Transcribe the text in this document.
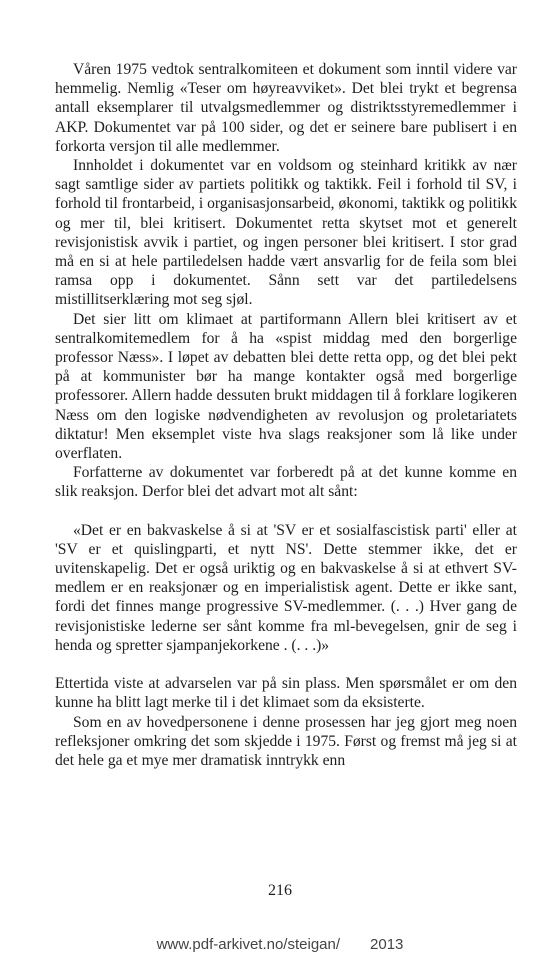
Våren 1975 vedtok sentralkomiteen et dokument som inntil videre var hemmelig. Nemlig «Teser om høyreavviket». Det blei trykt et begrensa antall eksemplarer til utvalgsmedlemmer og distriktsstyremedlemmer i AKP. Dokumentet var på 100 sider, og det er seinere bare publisert i en forkorta versjon til alle medlemmer.

Innholdet i dokumentet var en voldsom og steinhard kritikk av nær sagt samtlige sider av partiets politikk og taktikk. Feil i forhold til SV, i forhold til frontarbeid, i organisasjonsarbeid, økonomi, taktikk og politikk og mer til, blei kritisert. Dokumentet retta skytset mot et generelt revisjonistisk avvik i partiet, og ingen personer blei kritisert. I stor grad må en si at hele partiledelsen hadde vært ansvarlig for de feila som blei ramsa opp i dokumentet. Sånn sett var det partiledelsens mistillitserklæring mot seg sjøl.

Det sier litt om klimaet at partiformann Allern blei kritisert av et sentralkomitemedlem for å ha «spist middag med den borgerlige professor Næss». I løpet av debatten blei dette retta opp, og det blei pekt på at kommunister bør ha mange kontakter også med borgerlige professorer. Allern hadde dessuten brukt middagen til å forklare logikeren Næss om den logiske nødvendigheten av revolusjon og proletariatets diktatur! Men eksemplet viste hva slags reaksjoner som lå like under overflaten.

Forfatterne av dokumentet var forberedt på at det kunne komme en slik reaksjon. Derfor blei det advart mot alt sånt:

«Det er en bakvaskelse å si at 'SV er et sosialfascistisk parti' eller at 'SV er et quislingparti, et nytt NS'. Dette stemmer ikke, det er uvitenskapelig. Det er også uriktig og en bakvaskelse å si at ethvert SV-medlem er en reaksjonær og en imperialistisk agent. Dette er ikke sant, fordi det finnes mange progressive SV-medlemmer. (. . .) Hver gang de revisjonistiske lederne ser sånt komme fra ml-bevegelsen, gnir de seg i henda og spretter sjampanjekorkene . (. . .)»

Ettertida viste at advarselen var på sin plass. Men spørsmålet er om den kunne ha blitt lagt merke til i det klimaet som da eksisterte.

Som en av hovedpersonene i denne prosessen har jeg gjort meg noen refleksjoner omkring det som skjedde i 1975. Først og fremst må jeg si at det hele ga et mye mer dramatisk inntrykk enn

216
www.pdf-arkivet.no/steigan/ 2013
